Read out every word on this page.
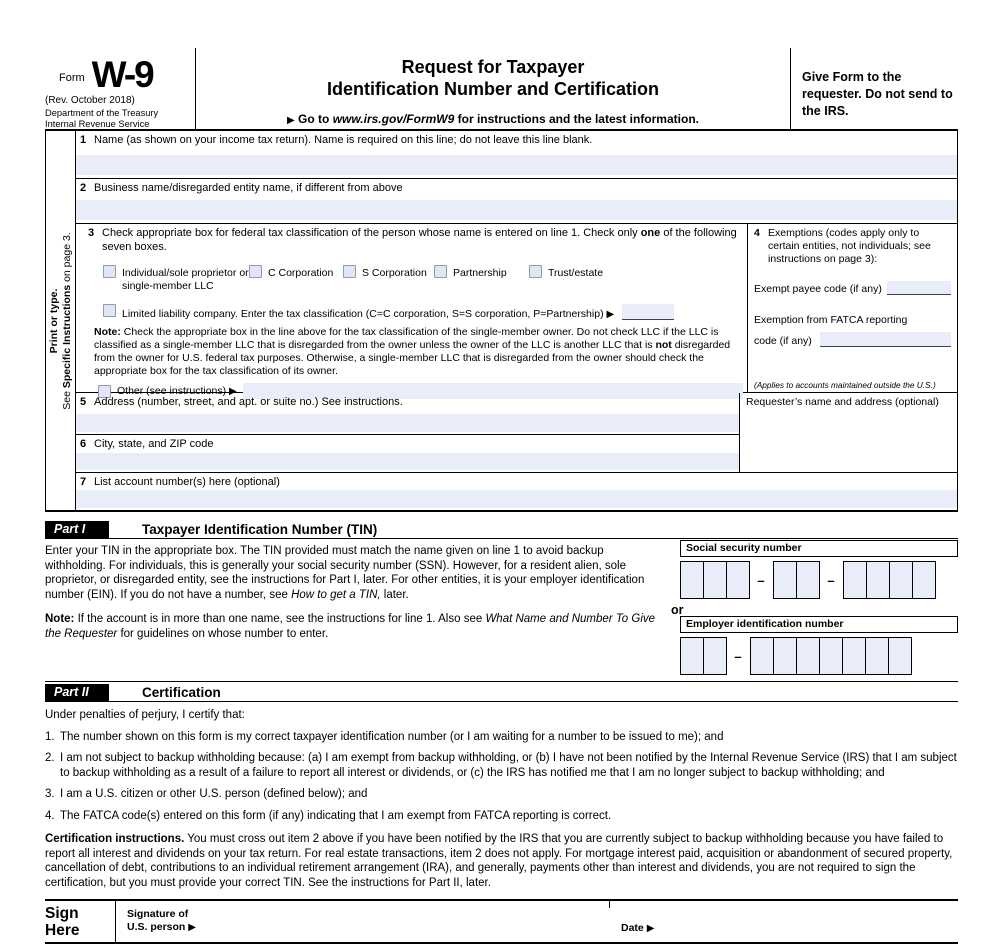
Form W-9
(Rev. October 2018)
Department of the Treasury
Internal Revenue Service
Request for Taxpayer
Identification Number and Certification
▶ Go to www.irs.gov/FormW9 for instructions and the latest information.
Give Form to the requester. Do not send to the IRS.
Print or type.
See Specific Instructions on page 3.
1 Name (as shown on your income tax return). Name is required on this line; do not leave this line blank.
2 Business name/disregarded entity name, if different from above
3 Check appropriate box for federal tax classification of the person whose name is entered on line 1. Check only one of the following seven boxes.
Individual/sole proprietor or single-member LLC
C Corporation	S Corporation Partnership	Trust/estate
Limited liability company. Enter the tax classification (C=C corporation, S=S corporation, P=Partnership) ▶
Note: Check the appropriate box in the line above for the tax classification of the single-member owner. Do not check LLC if the LLC is classified as a single-member LLC that is disregarded from the owner unless the owner of the LLC is another LLC that is not disregarded from the owner for U.S. federal tax purposes. Otherwise, a single-member LLC that is disregarded from the owner should check the appropriate box for the tax classification of its owner.
Other (see instructions) ▶
4 Exemptions (codes apply only to certain entities, not individuals; see instructions on page 3):
Exempt payee code (if any)
Exemption from FATCA reporting
code (if any)
(Applies to accounts maintained outside the U.S.)
5 Address (number, street, and apt. or suite no.) See instructions.
6 City, state, and ZIP code
Requester’s name and address (optional)
7 List account number(s) here (optional)
Part I	Taxpayer Identification Number (TIN)
Enter your TIN in the appropriate box. The TIN provided must match the name given on line 1 to avoid backup withholding. For individuals, this is generally your social security number (SSN). However, for a resident alien, sole proprietor, or disregarded entity, see the instructions for Part I, later. For other entities, it is your employer identification number (EIN). If you do not have a number, see How to get a TIN, later.
Note: If the account is in more than one name, see the instructions for line 1. Also see What Name and Number To Give the Requester for guidelines on whose number to enter.
Social security number
–	–
or
Employer identification number
–
Part II	Certification
Under penalties of perjury, I certify that:
1. The number shown on this form is my correct taxpayer identification number (or I am waiting for a number to be issued to me); and
2. I am not subject to backup withholding because: (a) I am exempt from backup withholding, or (b) I have not been notified by the Internal Revenue Service (IRS) that I am subject to backup withholding as a result of a failure to report all interest or dividends, or (c) the IRS has notified me that I am no longer subject to backup withholding; and
3. I am a U.S. citizen or other U.S. person (defined below); and
4. The FATCA code(s) entered on this form (if any) indicating that I am exempt from FATCA reporting is correct.
Certification instructions. You must cross out item 2 above if you have been notified by the IRS that you are currently subject to backup withholding because you have failed to report all interest and dividends on your tax return. For real estate transactions, item 2 does not apply. For mortgage interest paid, acquisition or abandonment of secured property, cancellation of debt, contributions to an individual retirement arrangement (IRA), and generally, payments other than interest and dividends, you are not required to sign the certification, but you must provide your correct TIN. See the instructions for Part II, later.
Sign
Here
Signature of
U.S. person ▶	Date ▶
